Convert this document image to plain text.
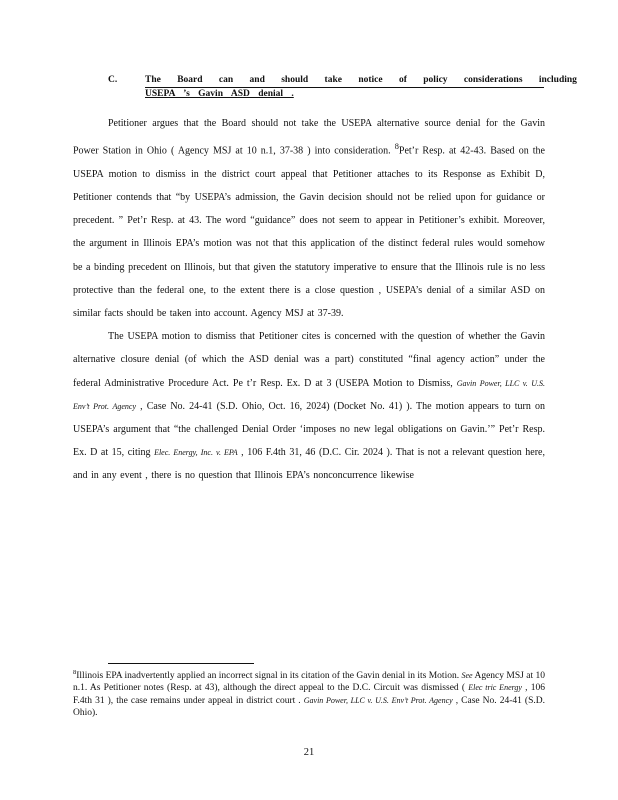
C.	The Board can and should take notice of policy considerations including
USEPA ’s Gavin ASD denial .

Petitioner argues that the Board should not take the USEPA alternative source denial for the Gavin Power Station in Ohio ( Agency MSJ at 10 n.1, 37-38 ) into consideration. $^8$Pet’r Resp. at 42-43. Based on the USEPA motion to dismiss in the district court appeal that Petitioner attaches to its Response as Exhibit D, Petitioner contends that “by USEPA’s admission, the Gavin decision should not be relied upon for guidance or precedent. ” Pet’r Resp. at 43. The word “guidance” does not seem to appear in Petitioner’s exhibit. Moreover, the argument in Illinois EPA’s motion was not that this application of the distinct federal rules would somehow be a binding precedent on Illinois, but that given the statutory imperative to ensure that the Illinois rule is no less protective than the federal one, to the extent there is a close question , USEPA’s denial of a similar ASD on similar facts should be taken into account. Agency MSJ at 37-39.

The USEPA motion to dismiss that Petitioner cites is concerned with the question of whether the Gavin alternative closure denial (of which the ASD denial was a part) constituted “final agency action” under the federal Administrative Procedure Act. Pe t’r Resp. Ex. D at 3 (USEPA Motion to Dismiss, Gavin Power, LLC v. U.S. Env’t Prot. Agency , Case No. 24-41 (S.D. Ohio, Oct. 16, 2024) (Docket No. 41) ). The motion appears to turn on USEPA’s argument that “the challenged Denial Order ‘imposes no new legal obligations on Gavin.’” Pet’r Resp. Ex. D at 15, citing Elec. Energy, Inc. v. EPA , 106 F.4th 31, 46 (D.C. Cir. 2024 ). That is not a relevant question here, and in any event , there is no question that Illinois EPA’s nonconcurrence likewise

$^8$Illinois EPA inadvertently applied an incorrect signal in its citation of the Gavin denial in its Motion. See Agency MSJ at 10 n.1. As Petitioner notes (Resp. at 43), although the direct appeal to the D.C. Circuit was dismissed ( Elec tric Energy , 106 F.4th 31 ), the case remains under appeal in district court . Gavin Power, LLC v. U.S. Env’t Prot. Agency , Case No. 24-41 (S.D. Ohio).
21
